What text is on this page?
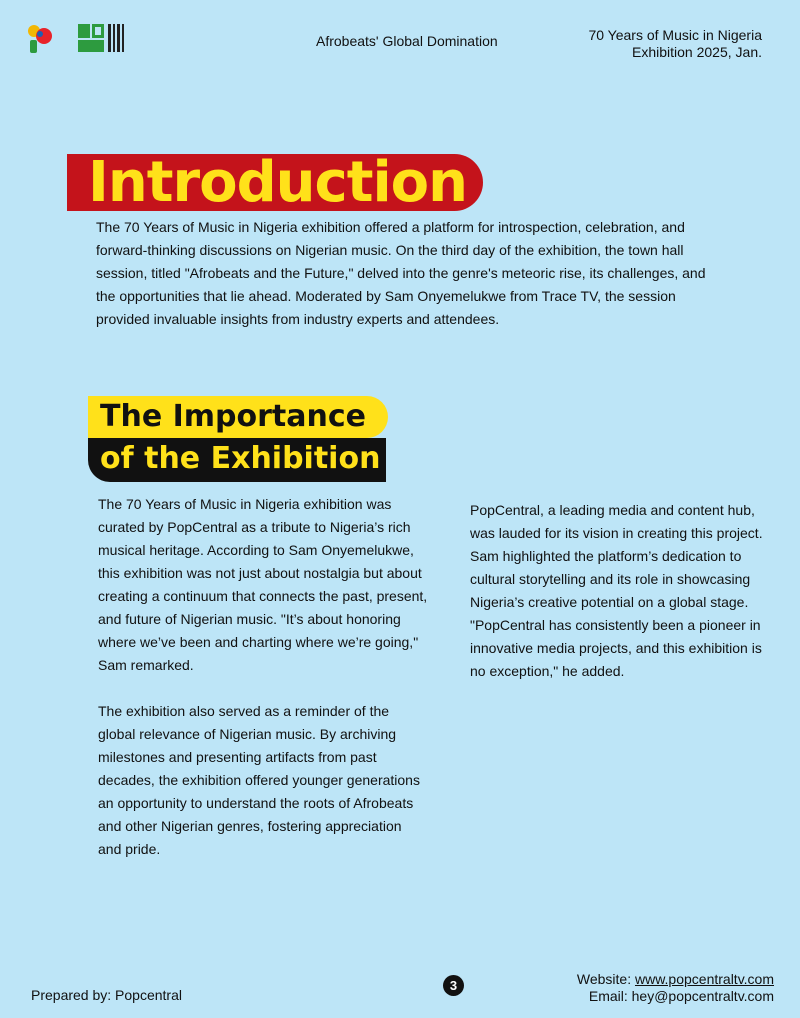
Afrobeats' Global Domination	70 Years of Music in Nigeria
Exhibition 2025, Jan.
Introduction
The 70 Years of Music in Nigeria exhibition offered a platform for introspection, celebration, and forward-thinking discussions on Nigerian music. On the third day of the exhibition, the town hall session, titled "Afrobeats and the Future," delved into the genre's meteoric rise, its challenges, and the opportunities that lie ahead. Moderated by Sam Onyemelukwe from Trace TV, the session provided invaluable insights from industry experts and attendees.
The Importance
of the Exhibition

The 70 Years of Music in Nigeria exhibition was curated by PopCentral as a tribute to Nigeria’s rich musical heritage. According to Sam Onyemelukwe, this exhibition was not just about nostalgia but about creating a continuum that connects the past, present, and future of Nigerian music. "It’s about honoring where we’ve been and charting where we’re going," Sam remarked.

The exhibition also served as a reminder of the global relevance of Nigerian music. By archiving milestones and presenting artifacts from past decades, the exhibition offered younger generations an opportunity to understand the roots of Afrobeats and other Nigerian genres, fostering appreciation and pride.

PopCentral, a leading media and content hub, was lauded for its vision in creating this project. Sam highlighted the platform’s dedication to cultural storytelling and its role in showcasing Nigeria’s creative potential on a global stage. "PopCentral has consistently been a pioneer in innovative media projects, and this exhibition is no exception," he added.

Prepared by: Popcentral
3	Website: www.popcentraltv.com
Email: hey@popcentraltv.com
